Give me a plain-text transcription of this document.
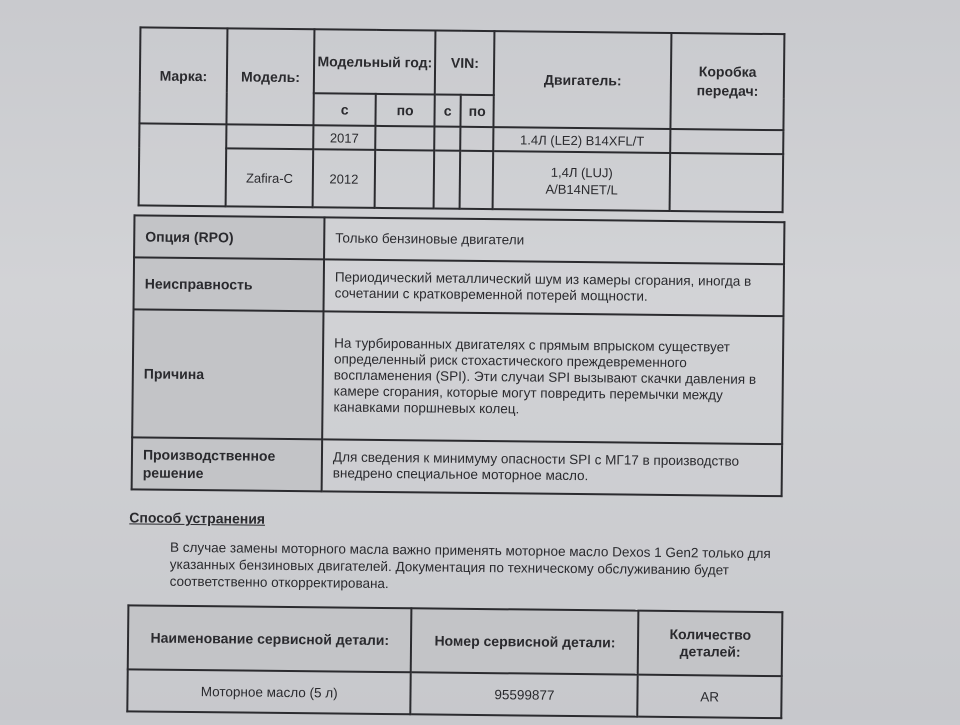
Марка:	Модель:	Модельный год:		VIN:		Двигатель:	Коробка передач:
		с	по	с	по		
		2017				1.4Л (LE2) B14XFL/T	
	Zafira-C	2012				1,4Л (LUJ) A/B14NET/L	
Опция (RPO)	Только бензиновые двигатели
Неисправность	Периодический металлический шум из камеры сгорания, иногда в сочетании с кратковременной потерей мощности.
Причина	На турбированных двигателях с прямым впрыском существует определенный риск стохастического преждевременного воспламенения (SPI). Эти случаи SPI вызывают скачки давления в камере сгорания, которые могут повредить перемычки между канавками поршневых колец.
Производственное решение	Для сведения к минимуму опасности SPI с МГ17 в производство внедрено специальное моторное масло.
Способ устранения
В случае замены моторного масла важно применять моторное масло Dexos 1 Gen2 только для указанных бензиновых двигателей. Документация по техническому обслуживанию будет соответственно откорректирована.
Наименование сервисной детали:	Номер сервисной детали:	Количество деталей:
Моторное масло (5 л)	95599877	AR
